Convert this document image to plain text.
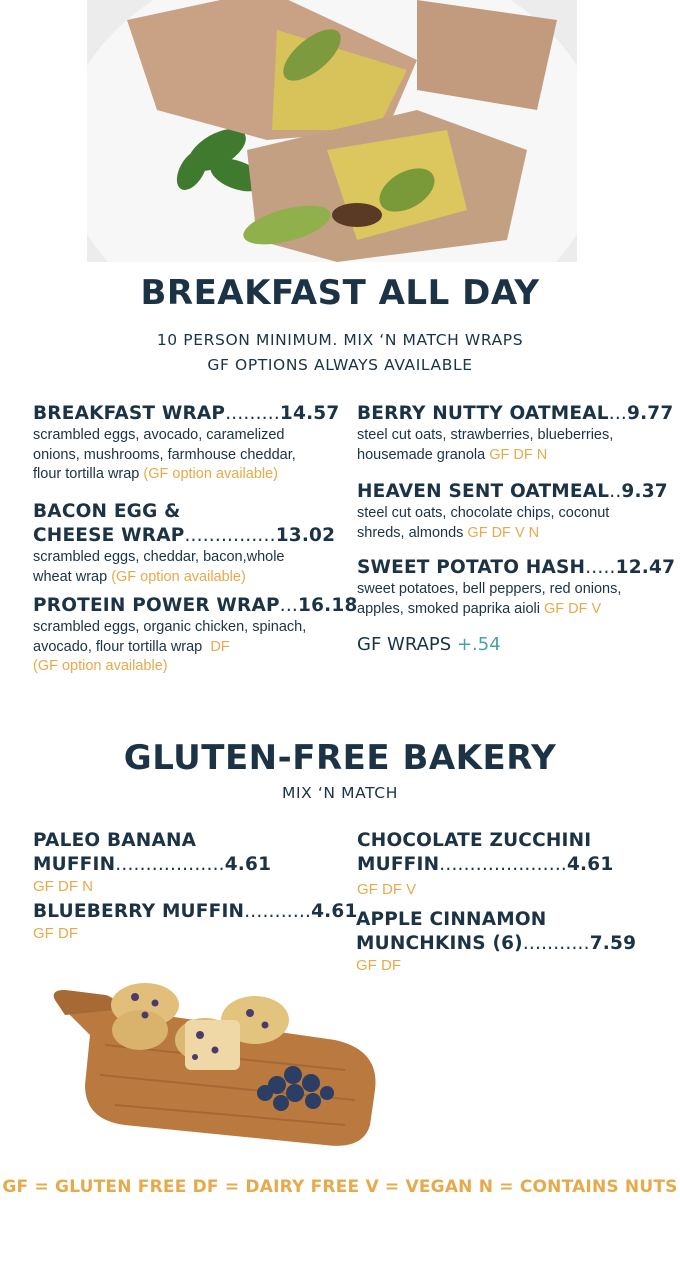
BREAKFAST ALL DAY
10 PERSON MINIMUM. MIX ‘N MATCH WRAPS
GF OPTIONS ALWAYS AVAILABLE
BREAKFAST WRAP.........14.57
scrambled eggs, avocado, caramelized
onions, mushrooms, farmhouse cheddar,
flour tortilla wrap (GF option available)
BACON EGG &
CHEESE WRAP...............13.02
scrambled eggs, cheddar, bacon,whole
wheat wrap (GF option available)
PROTEIN POWER WRAP...16.18
scrambled eggs, organic chicken, spinach,
avocado, flour tortilla wrap DF
(GF option available)
BERRY NUTTY OATMEAL...9.77
steel cut oats, strawberries, blueberries,
housemade granola GF DF N
HEAVEN SENT OATMEAL..9.37
steel cut oats, chocolate chips, coconut
shreds, almonds GF DF V N
SWEET POTATO HASH.....12.47
sweet potatoes, bell peppers, red onions,
apples, smoked paprika aioli GF DF V
GF WRAPS +.54
GLUTEN-FREE BAKERY
MIX ‘N MATCH
PALEO BANANA
MUFFIN..................4.61
GF DF N
BLUEBERRY MUFFIN...........4.61
GF DF
CHOCOLATE ZUCCHINI
MUFFIN.....................4.61
GF DF V
APPLE CINNAMON
MUNCHKINS (6)...........7.59
GF DF
GF = GLUTEN FREE DF = DAIRY FREE V = VEGAN N = CONTAINS NUTS
